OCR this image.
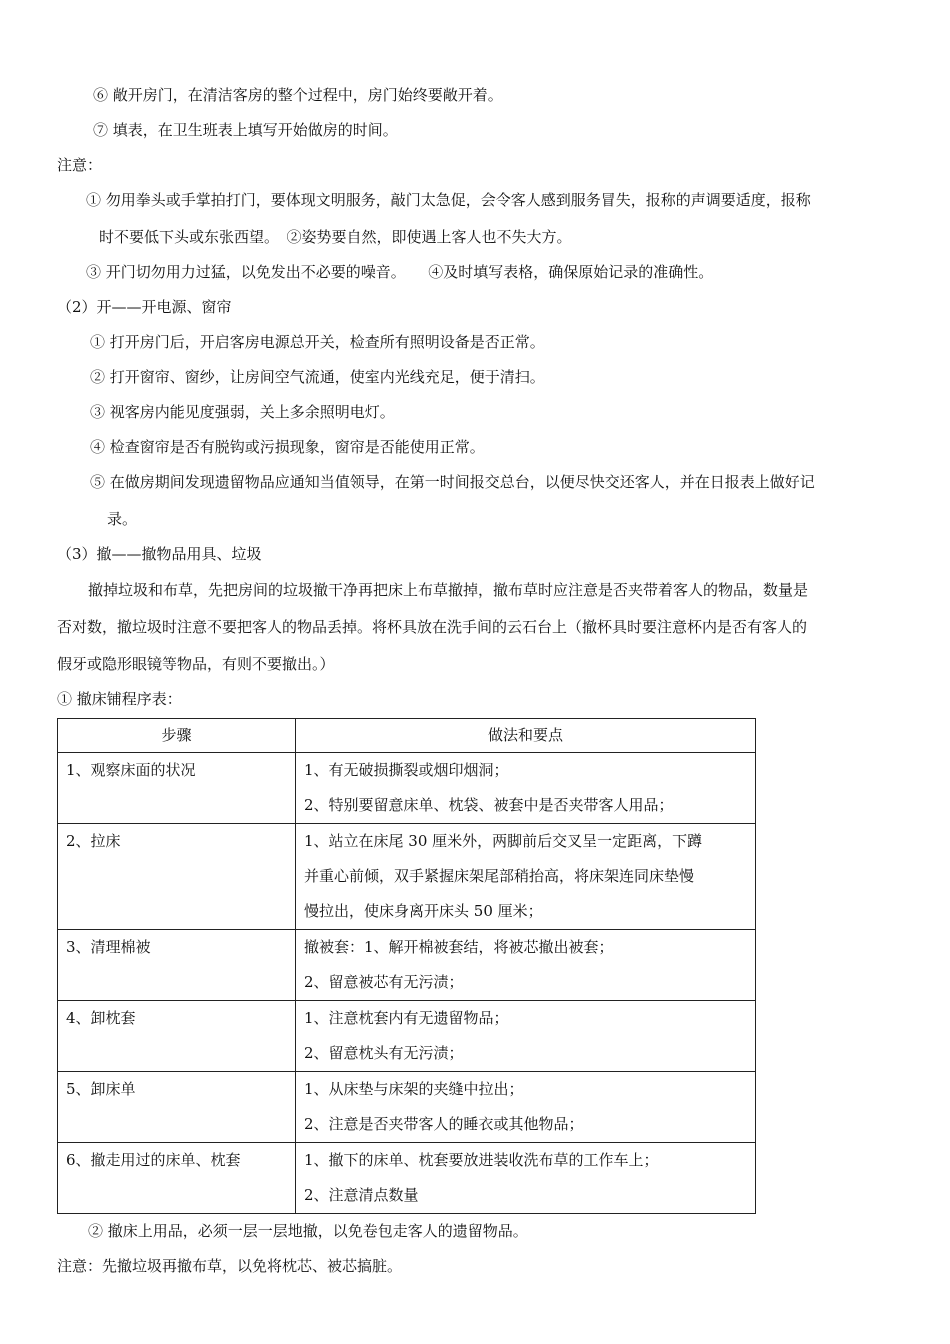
⑥ 敞开房门，在清洁客房的整个过程中，房门始终要敞开着。
⑦ 填表，在卫生班表上填写开始做房的时间。
注意：
① 勿用拳头或手掌拍打门，要体现文明服务，敲门太急促，会令客人感到服务冒失，报称的声调要适度，报称
时不要低下头或东张西望。　②姿势要自然，即使遇上客人也不失大方。
③ 开门切勿用力过猛，以免发出不必要的噪音。　　④及时填写表格，确保原始记录的准确性。
（2）开——开电源、窗帘
① 打开房门后，开启客房电源总开关，检查所有照明设备是否正常。
② 打开窗帘、窗纱，让房间空气流通，使室内光线充足，便于清扫。
③ 视客房内能见度强弱，关上多余照明电灯。
④ 检查窗帘是否有脱钩或污损现象，窗帘是否能使用正常。
⑤ 在做房期间发现遗留物品应通知当值领导，在第一时间报交总台，以便尽快交还客人，并在日报表上做好记
录。
（3）撤——撤物品用具、垃圾
撤掉垃圾和布草，先把房间的垃圾撤干净再把床上布草撤掉，撤布草时应注意是否夹带着客人的物品，数量是
否对数，撤垃圾时注意不要把客人的物品丢掉。将杯具放在洗手间的云石台上（撤杯具时要注意杯内是否有客人的
假牙或隐形眼镜等物品，有则不要撤出。）
① 撤床铺程序表：
步骤	做法和要点

1、观察床面的状况	1、有无破损撕裂或烟印烟洞；
2、特别要留意床单、枕袋、被套中是否夹带客人用品；

2、拉床	1、站立在床尾 30 厘米外，两脚前后交叉呈一定距离，下蹲
并重心前倾，双手紧握床架尾部稍抬高，将床架连同床垫慢
慢拉出，使床身离开床头 50 厘米；

3、清理棉被	撤被套：1、解开棉被套结，将被芯撤出被套；
2、留意被芯有无污渍；

4、卸枕套	1、注意枕套内有无遗留物品；
2、留意枕头有无污渍；

5、卸床单	1、从床垫与床架的夹缝中拉出；
2、注意是否夹带客人的睡衣或其他物品；

6、撤走用过的床单、枕套	1、撤下的床单、枕套要放进装收洗布草的工作车上；
2、注意清点数量
② 撤床上用品，必须一层一层地撤，以免卷包走客人的遗留物品。
注意：先撤垃圾再撤布草，以免将枕芯、被芯搞脏。
